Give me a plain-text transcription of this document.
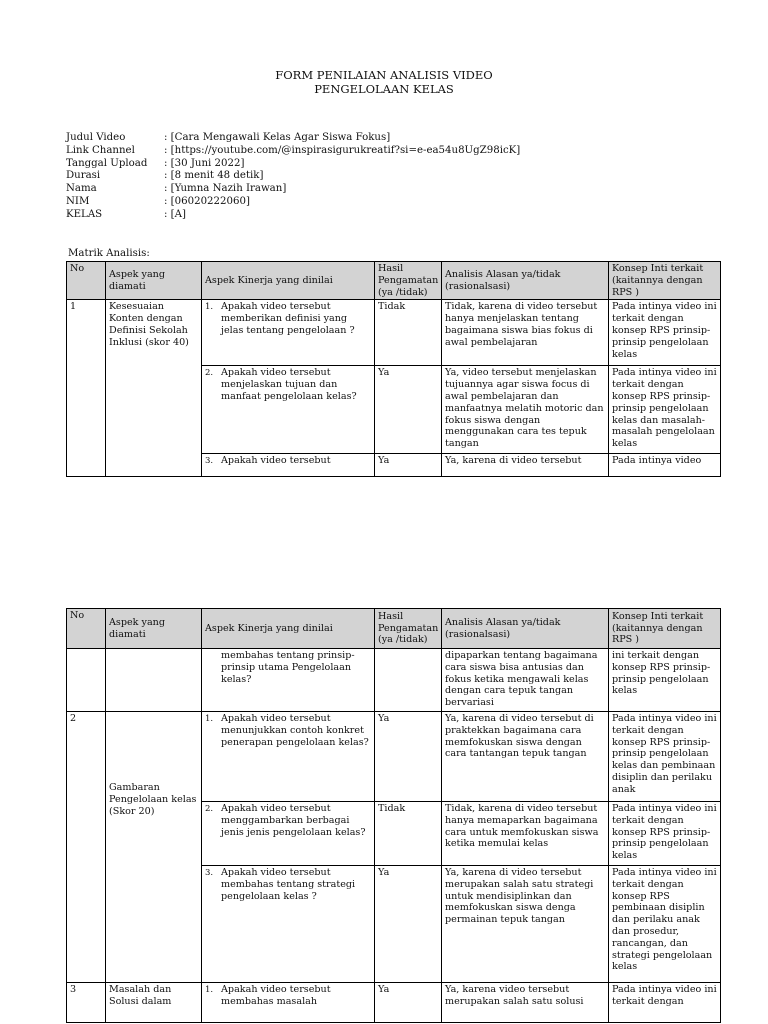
FORM PENILAIAN ANALISIS VIDEO
PENGELOLAAN KELAS
Judul Video	: [Cara Mengawali Kelas Agar Siswa Fokus]
Link Channel	: [https://youtube.com/@inspirasigurukreatif?si=e-ea54u8UgZ98icK]
Tanggal Upload	: [30 Juni 2022]
Durasi	: [8 menit 48 detik]
Nama	: [Yumna Nazih Irawan]
NIM	: [06020222060]
KELAS	: [A]
Matrik Analisis:
No	Aspek yang diamati	Aspek Kinerja yang dinilai	Hasil Pengamatan (ya /tidak)	Analisis Alasan ya/tidak (rasionalsasi)	Konsep Inti terkait (kaitannya dengan RPS )
1	Kesesuaian Konten dengan Definisi Sekolah Inklusi (skor 40)	1. Apakah video tersebut memberikan definisi yang jelas tentang pengelolaan ?	Tidak	Tidak, karena di video tersebut hanya menjelaskan tentang bagaimana siswa bias fokus di awal pembelajaran	Pada intinya video ini terkait dengan konsep RPS prinsip-prinsip pengelolaan kelas

		2. Apakah video tersebut menjelaskan tujuan dan manfaat pengelolaan kelas?	Ya	Ya, video tersebut menjelaskan tujuannya agar siswa focus di awal pembelajaran dan manfaatnya melatih motoric dan fokus siswa dengan menggunakan cara tes tepuk tangan	Pada intinya video ini terkait dengan konsep RPS prinsip-prinsip pengelolaan kelas dan masalah-masalah pengelolaan kelas

		3. Apakah video tersebut	Ya	Ya, karena di video tersebut	Pada intinya video
No	Aspek yang diamati	Aspek Kinerja yang dinilai	Hasil Pengamatan (ya /tidak)	Analisis Alasan ya/tidak (rasionalsasi)	Konsep Inti terkait (kaitannya dengan RPS )

		membahas tentang prinsip-prinsip utama Pengelolaan kelas?		dipaparkan tentang bagaimana cara siswa bisa antusias dan fokus ketika mengawali kelas dengan cara tepuk tangan bervariasi	ini terkait dengan konsep RPS prinsip-prinsip pengelolaan kelas
2	Gambaran Pengelolaan kelas (Skor 20)	1. Apakah video tersebut menunjukkan contoh konkret penerapan pengelolaan kelas?	Ya	Ya, karena di video tersebut di praktekkan bagaimana cara memfokuskan siswa dengan cara tantangan tepuk tangan	Pada intinya video ini terkait dengan konsep RPS prinsip-prinsip pengelolaan kelas dan pembinaan disiplin dan perilaku anak

		2. Apakah video tersebut menggambarkan berbagai jenis jenis pengelolaan kelas?	Tidak	Tidak, karena di video tersebut hanya memaparkan bagaimana cara untuk memfokuskan siswa ketika memulai kelas	Pada intinya video ini terkait dengan konsep RPS prinsip-prinsip pengelolaan kelas

		3. Apakah video tersebut membahas tentang strategi pengelolaan kelas ?	Ya	Ya, karena di video tersebut merupakan salah satu strategi untuk mendisiplinkan dan memfokuskan siswa denga permainan tepuk tangan	Pada intinya video ini terkait dengan konsep RPS pembinaan disiplin dan perilaku anak dan prosedur, rancangan, dan strategi pengelolaan kelas
3	Masalah dan Solusi dalam	1. Apakah video tersebut membahas masalah	Ya	Ya, karena video tersebut merupakan salah satu solusi	Pada intinya video ini terkait dengan
